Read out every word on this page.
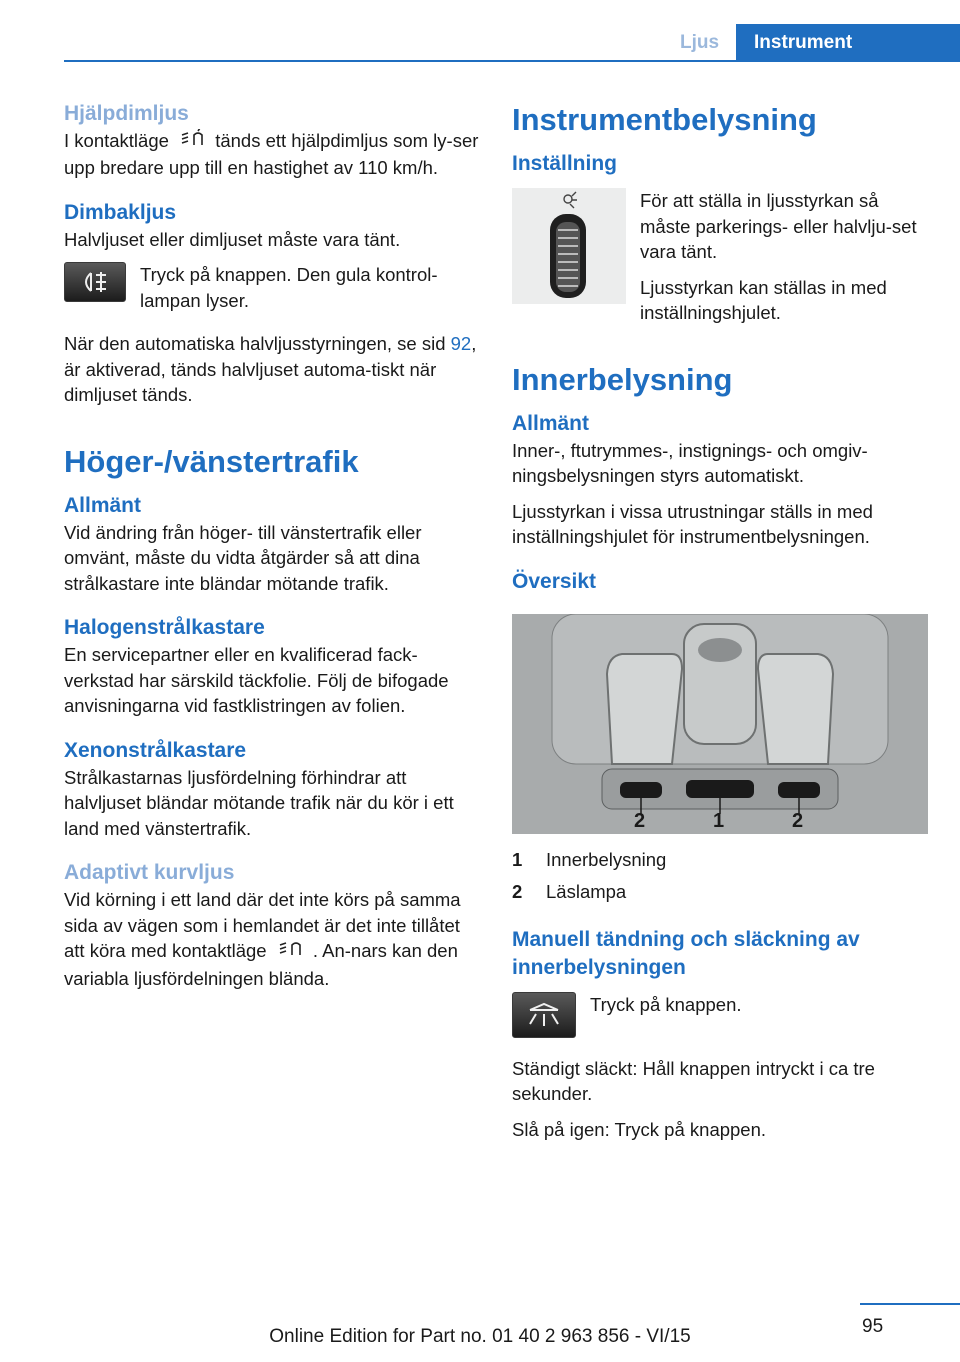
Ljus	Instrument
Hjälpdimljus

I kontaktläge	tänds ett hjälpdimljus som ly-ser upp bredare upp till en hastighet av 110 km/h.

Dimbakljus

Halvljuset eller dimljuset måste vara tänt.

Tryck på knappen. Den gula kontrol-lampan lyser.

När den automatiska halvljusstyrningen, se sid 92, är aktiverad, tänds halvljuset automa-tiskt när dimljuset tänds.

Höger-/vänstertrafik
Allmänt

Vid ändring från höger- till vänstertrafik eller omvänt, måste du vidta åtgärder så att dina strålkastare inte bländar mötande trafik.

Halogenstrålkastare

En servicepartner eller en kvalificerad fack-verkstad har särskild täckfolie. Följ de bifogade anvisningarna vid fastklistringen av folien.

Xenonstrålkastare

Strålkastarnas ljusfördelning förhindrar att halvljuset bländar mötande trafik när du kör i ett land med vänstertrafik.

Adaptivt kurvljus

Vid körning i ett land där det inte körs på samma sida av vägen som i hemlandet är det inte tillåtet att köra med kontaktläge	. An-nars kan den variabla ljusfördelningen blända.

Instrumentbelysning
Inställning

För att ställa in ljusstyrkan så måste parkerings- eller halvlju-set vara tänt.

Ljusstyrkan kan ställas in med inställningshjulet.

Innerbelysning
Allmänt

Inner-, ftutrymmes-, instignings- och omgiv-ningsbelysningen styrs automatiskt.

Ljusstyrkan i vissa utrustningar ställs in med inställningshjulet för instrumentbelysningen.

Översikt
2	1	2
1	Innerbelysning
2	Läslampa
Manuell tändning och släckning av innerbelysningen

Tryck på knappen.

Ständigt släckt: Håll knappen intryckt i ca tre sekunder.

Slå på igen: Tryck på knappen.

95
Online Edition for Part no. 01 40 2 963 856 - VI/15
